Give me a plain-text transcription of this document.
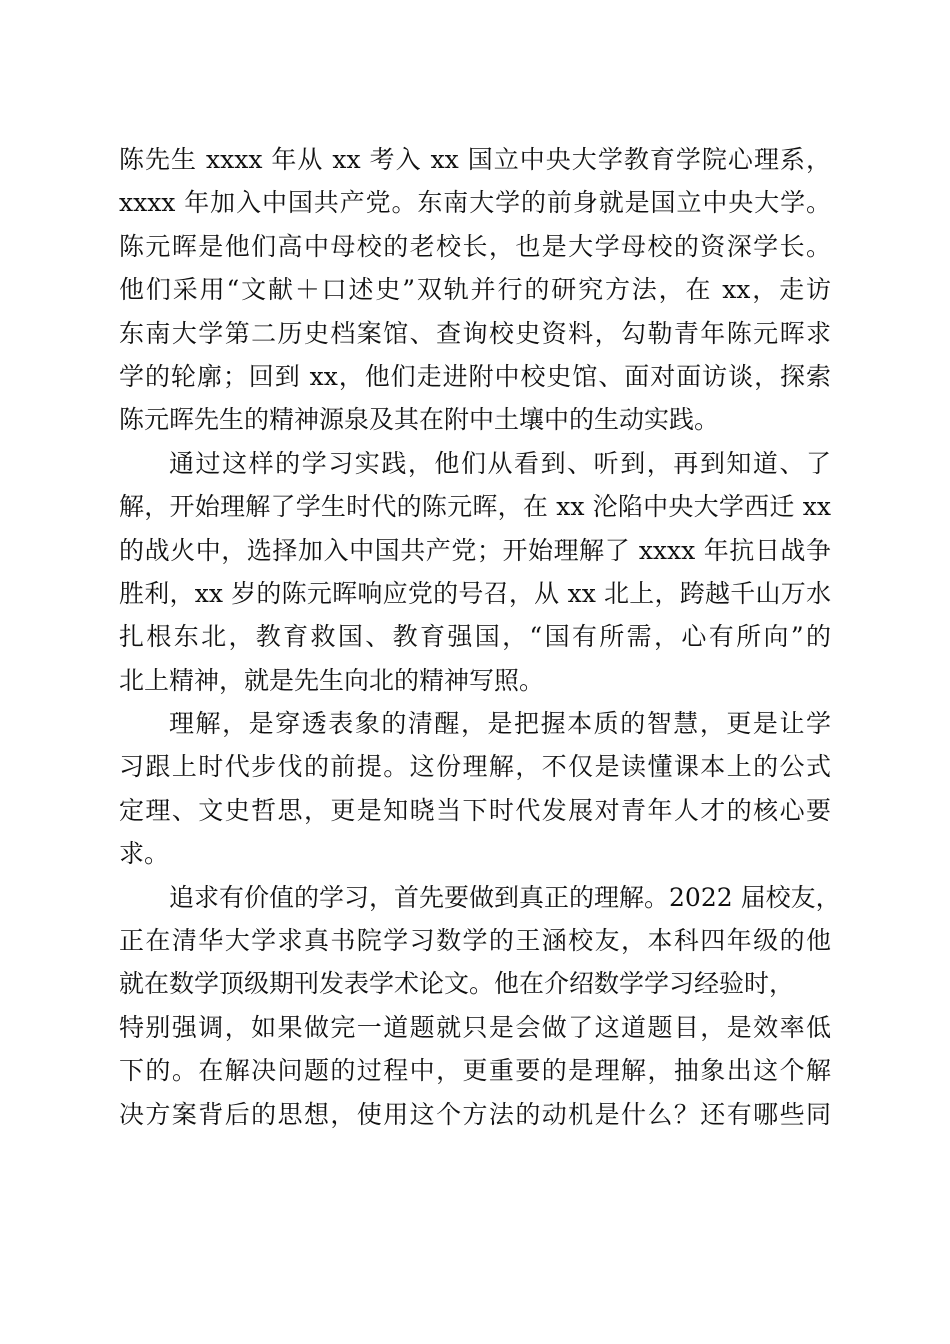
陈先生 xxxx 年从 xx 考入 xx 国立中央大学教育学院心理系，
xxxx 年加入中国共产党。东南大学的前身就是国立中央大学。
陈元晖是他们高中母校的老校长，也是大学母校的资深学长。
他们采用“文献＋口述史”双轨并行的研究方法，在 xx，走访
东南大学第二历史档案馆、查询校史资料，勾勒青年陈元晖求
学的轮廓；回到 xx，他们走进附中校史馆、面对面访谈，探索
陈元晖先生的精神源泉及其在附中土壤中的生动实践。
通过这样的学习实践，他们从看到、听到，再到知道、了
解，开始理解了学生时代的陈元晖，在 xx 沦陷中央大学西迁 xx
的战火中，选择加入中国共产党；开始理解了 xxxx 年抗日战争
胜利，xx 岁的陈元晖响应党的号召，从 xx 北上，跨越千山万水
扎根东北，教育救国、教育强国，“国有所需，心有所向”的
北上精神，就是先生向北的精神写照。
理解，是穿透表象的清醒，是把握本质的智慧，更是让学
习跟上时代步伐的前提。这份理解，不仅是读懂课本上的公式
定理、文史哲思，更是知晓当下时代发展对青年人才的核心要
求。
追求有价值的学习，首先要做到真正的理解。2022 届校友，
正在清华大学求真书院学习数学的王涵校友，本科四年级的他
就在数学顶级期刊发表学术论文。他在介绍数学学习经验时，
特别强调，如果做完一道题就只是会做了这道题目，是效率低
下的。在解决问题的过程中，更重要的是理解，抽象出这个解
决方案背后的思想，使用这个方法的动机是什么？还有哪些同
